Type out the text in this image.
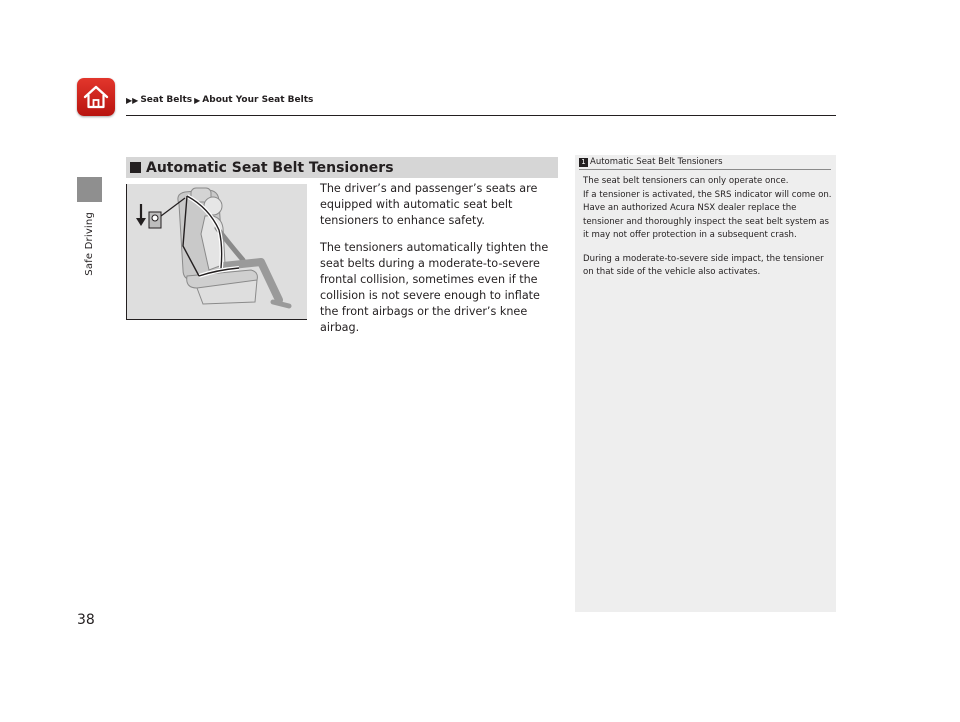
▶▶ Seat Belts ▶ About Your Seat Belts
Safe Driving
Automatic Seat Belt Tensioners

The driver’s and passenger’s seats are equipped with automatic seat belt tensioners to enhance safety.

The tensioners automatically tighten the seat belts during a moderate-to-severe frontal collision, sometimes even if the collision is not severe enough to inflate the front airbags or the driver’s knee airbag.

1 Automatic Seat Belt Tensioners

The seat belt tensioners can only operate once.

If a tensioner is activated, the SRS indicator will come on. Have an authorized Acura NSX dealer replace the tensioner and thoroughly inspect the seat belt system as it may not offer protection in a subsequent crash.

During a moderate-to-severe side impact, the tensioner on that side of the vehicle also activates.

38
